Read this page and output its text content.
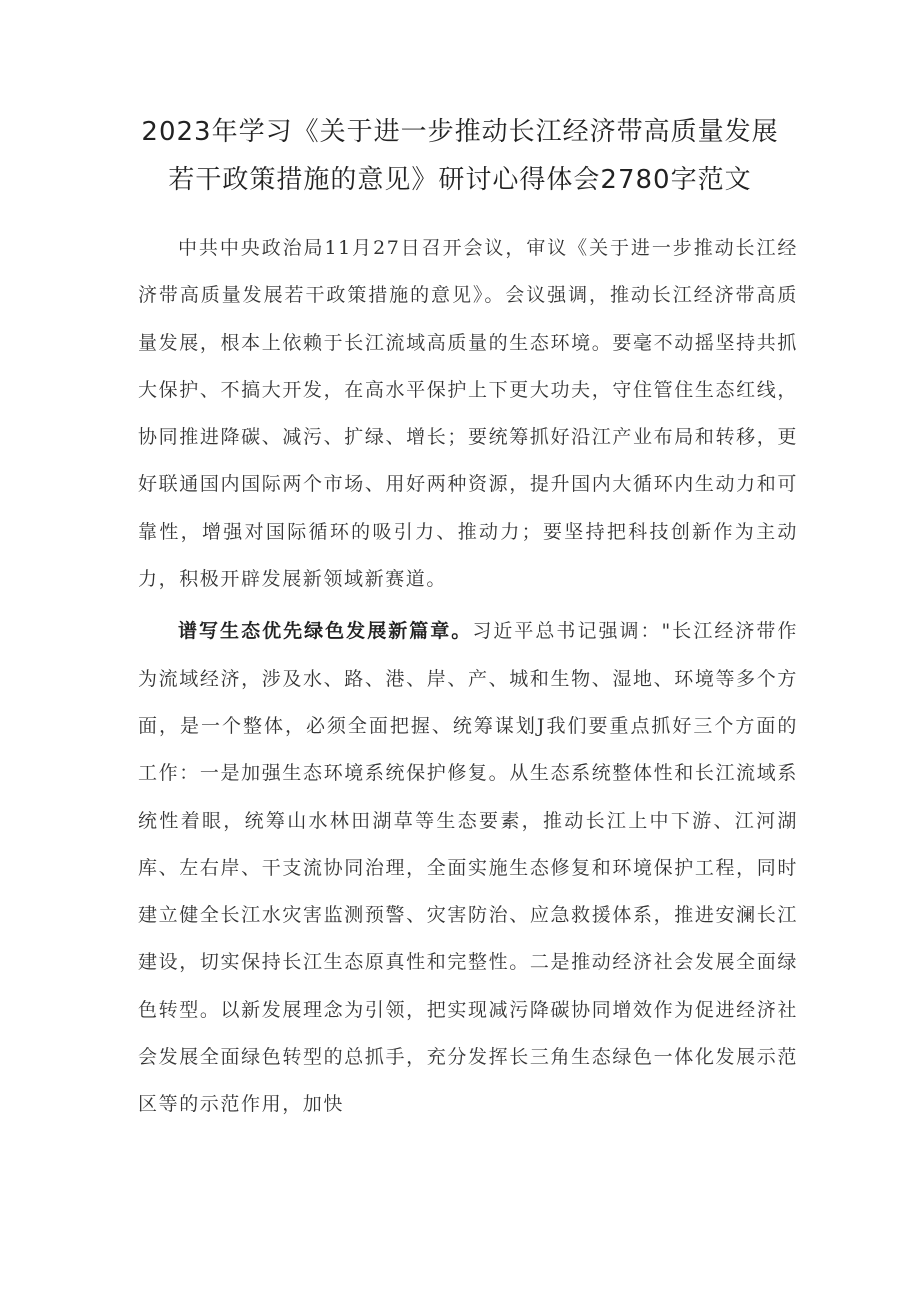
2023年学习《关于进一步推动长江经济带高质量发展
若干政策措施的意见》研讨心得体会2780字范文

中共中央政治局11月27日召开会议，审议《关于进一步推动长江经济带高质量发展若干政策措施的意见》。会议强调，推动长江经济带高质量发展，根本上依赖于长江流域高质量的生态环境。要毫不动摇坚持共抓大保护、不搞大开发，在高水平保护上下更大功夫，守住管住生态红线，协同推进降碳、减污、扩绿、增长；要统筹抓好沿江产业布局和转移，更好联通国内国际两个市场、用好两种资源，提升国内大循环内生动力和可靠性，增强对国际循环的吸引力、推动力；要坚持把科技创新作为主动力，积极开辟发展新领域新赛道。

谱写生态优先绿色发展新篇章。习近平总书记强调："长江经济带作为流域经济，涉及水、路、港、岸、产、城和生物、湿地、环境等多个方面，是一个整体，必须全面把握、统筹谋划J我们要重点抓好三个方面的工作：一是加强生态环境系统保护修复。从生态系统整体性和长江流域系统性着眼，统筹山水林田湖草等生态要素，推动长江上中下游、江河湖库、左右岸、干支流协同治理，全面实施生态修复和环境保护工程，同时建立健全长江水灾害监测预警、灾害防治、应急救援体系，推进安澜长江建设，切实保持长江生态原真性和完整性。二是推动经济社会发展全面绿色转型。以新发展理念为引领，把实现减污降碳协同增效作为促进经济社会发展全面绿色转型的总抓手，充分发挥长三角生态绿色一体化发展示范区等的示范作用，加快
